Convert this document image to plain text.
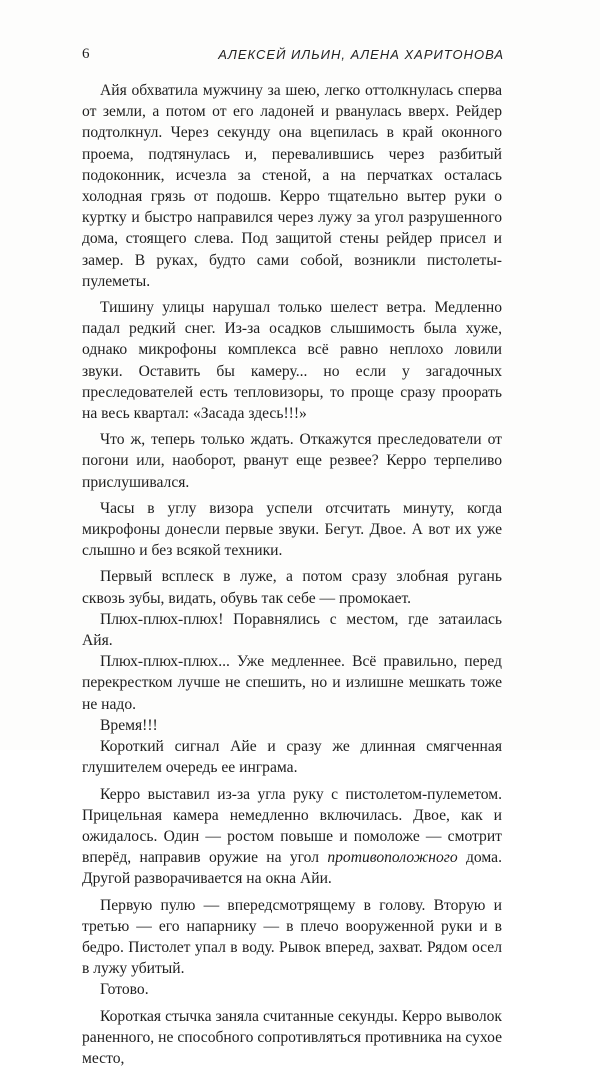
6	АЛЕКСЕЙ ИЛЬИН, АЛЕНА ХАРИТОНОВА

Айя обхватила мужчину за шею, легко оттолкнулась сперва от земли, а потом от его ладоней и рванулась вверх. Рейдер подтолкнул. Через секунду она вцепилась в край оконного проема, подтянулась и, перевалившись через разбитый подоконник, исчезла за стеной, а на перчатках осталась холодная грязь от подошв. Керро тщательно вытер руки о куртку и быстро направился через лужу за угол разрушенного дома, стоящего слева. Под защитой стены рейдер присел и замер. В руках, будто сами собой, возникли пистолеты-пулеметы.

Тишину улицы нарушал только шелест ветра. Медленно падал редкий снег. Из-за осадков слышимость была хуже, однако микрофоны комплекса всё равно неплохо ловили звуки. Оставить бы камеру... но если у загадочных преследователей есть тепловизоры, то проще сразу проорать на весь квартал: «Засада здесь!!!»

Что ж, теперь только ждать. Откажутся преследователи от погони или, наоборот, рванут еще резвее? Керро терпеливо прислушивался.

Часы в углу визора успели отсчитать минуту, когда микрофоны донесли первые звуки. Бегут. Двое. А вот их уже слышно и без всякой техники.

Первый всплеск в луже, а потом сразу злобная ругань сквозь зубы, видать, обувь так себе — промокает.

Плюх-плюх-плюх! Поравнялись с местом, где затаилась Айя.

Плюх-плюх-плюх... Уже медленнее. Всё правильно, перед перекрестком лучше не спешить, но и излишне мешкать тоже не надо.

Время!!!

Короткий сигнал Айе и сразу же длинная смягченная глушителем очередь ее инграма.

Керро выставил из-за угла руку с пистолетом-пулеметом. Прицельная камера немедленно включилась. Двое, как и ожидалось. Один — ростом повыше и помоложе — смотрит вперёд, направив оружие на угол противоположного дома. Другой разворачивается на окна Айи.

Первую пулю — впередсмотрящему в голову. Вторую и третью — его напарнику — в плечо вооруженной руки и в бедро. Пистолет упал в воду. Рывок вперед, захват. Рядом осел в лужу убитый.

Готово.

Короткая стычка заняла считанные секунды. Керро выволок раненного, не способного сопротивляться противника на сухое место,
